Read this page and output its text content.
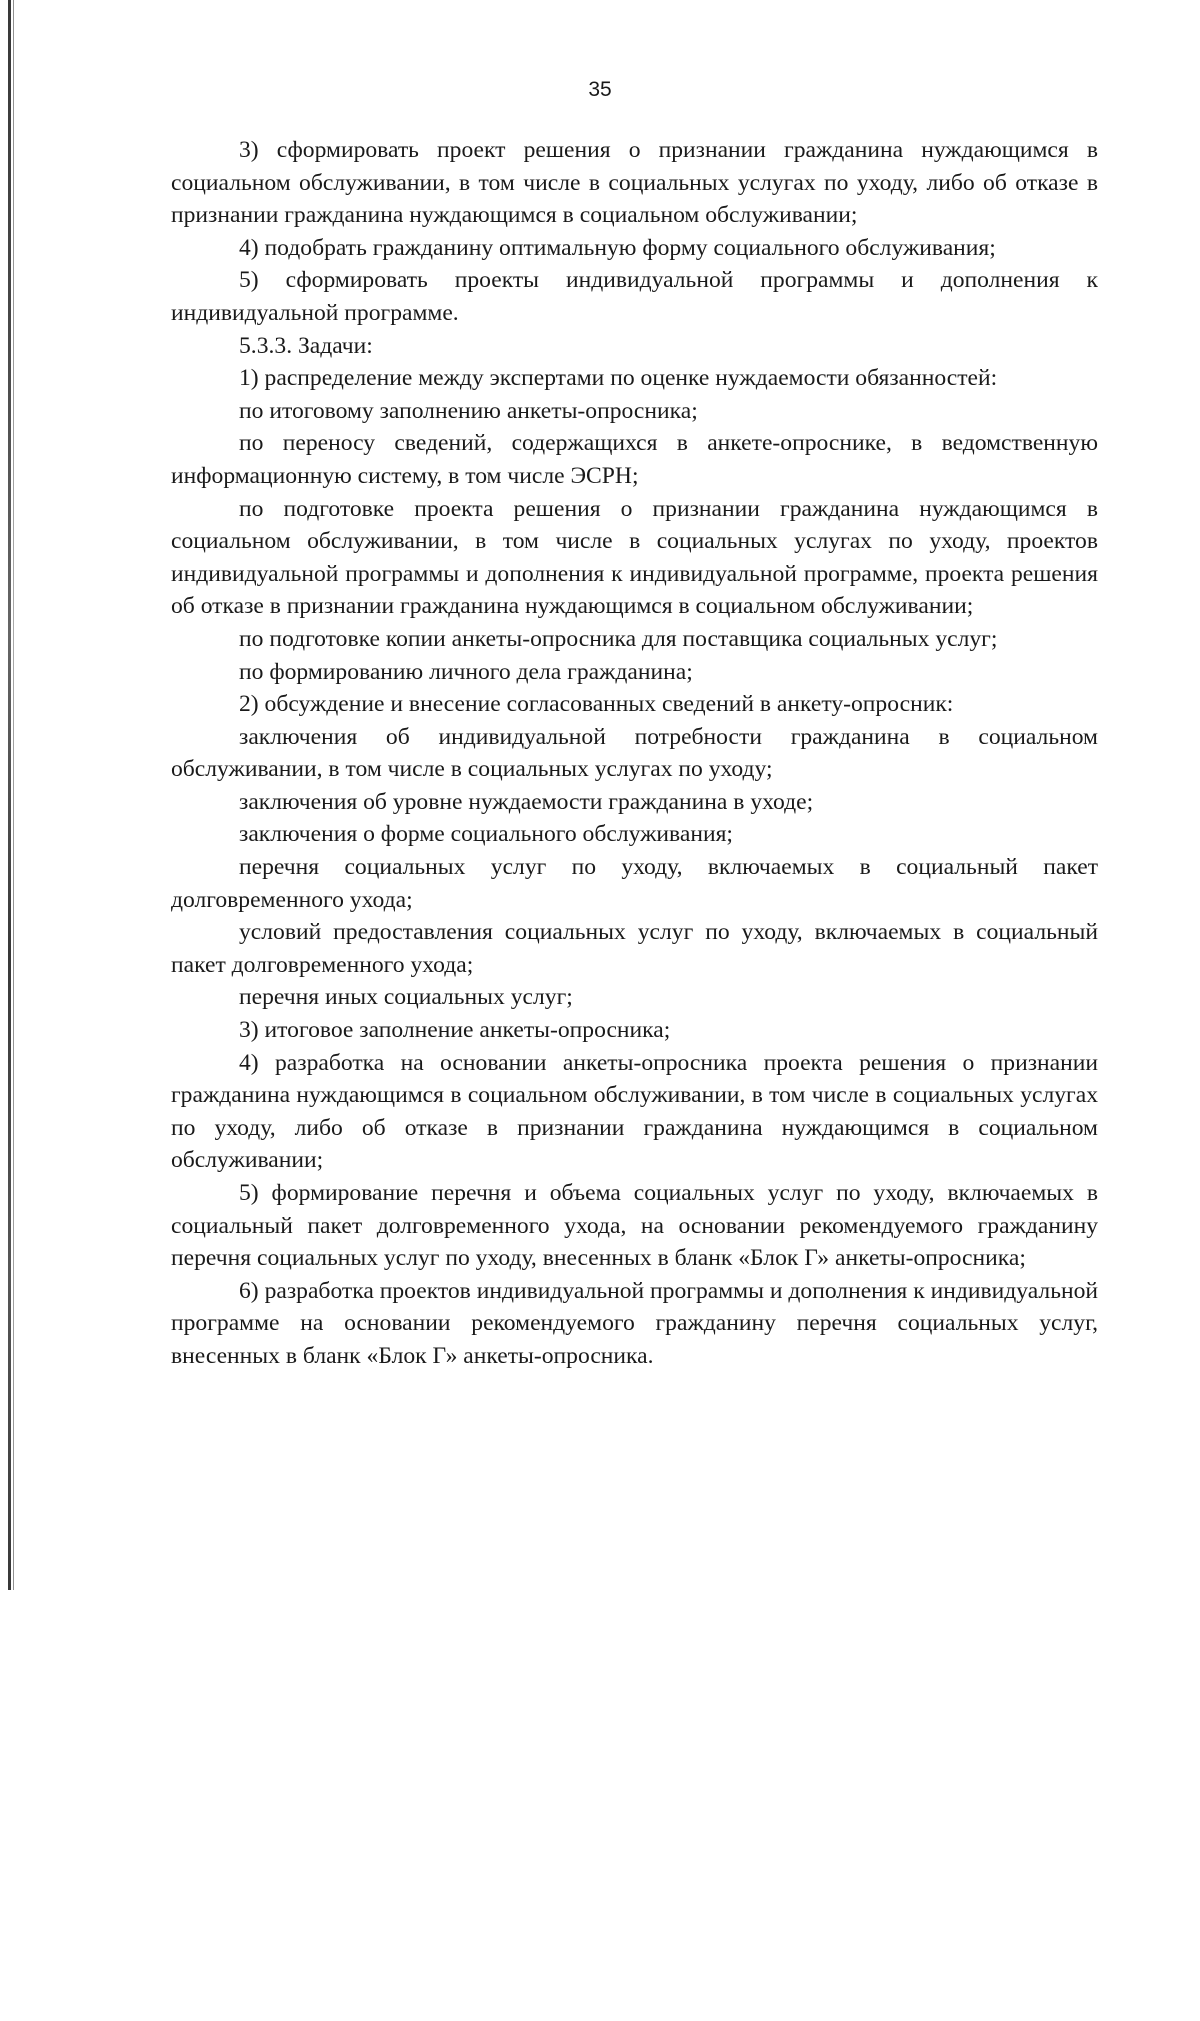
35

3) сформировать проект решения о признании гражданина нуждающимся в социальном обслуживании, в том числе в социальных услугах по уходу, либо об отказе в признании гражданина нуждающимся в социальном обслуживании;

4) подобрать гражданину оптимальную форму социального обслуживания;

5) сформировать проекты индивидуальной программы и дополнения к индивидуальной программе.

5.3.3. Задачи:

1) распределение между экспертами по оценке нуждаемости обязанностей:

по итоговому заполнению анкеты-опросника;

по переносу сведений, содержащихся в анкете-опроснике, в ведомственную информационную систему, в том числе ЭСРН;

по подготовке проекта решения о признании гражданина нуждающимся в социальном обслуживании, в том числе в социальных услугах по уходу, проектов индивидуальной программы и дополнения к индивидуальной программе, проекта решения об отказе в признании гражданина нуждающимся в социальном обслуживании;

по подготовке копии анкеты-опросника для поставщика социальных услуг;

по формированию личного дела гражданина;

2) обсуждение и внесение согласованных сведений в анкету-опросник:

заключения об индивидуальной потребности гражданина в социальном обслуживании, в том числе в социальных услугах по уходу;

заключения об уровне нуждаемости гражданина в уходе;

заключения о форме социального обслуживания;

перечня социальных услуг по уходу, включаемых в социальный пакет долговременного ухода;

условий предоставления социальных услуг по уходу, включаемых в социальный пакет долговременного ухода;

перечня иных социальных услуг;

3) итоговое заполнение анкеты-опросника;

4) разработка на основании анкеты-опросника проекта решения о признании гражданина нуждающимся в социальном обслуживании, в том числе в социальных услугах по уходу, либо об отказе в признании гражданина нуждающимся в социальном обслуживании;

5) формирование перечня и объема социальных услуг по уходу, включаемых в социальный пакет долговременного ухода, на основании рекомендуемого гражданину перечня социальных услуг по уходу, внесенных в бланк «Блок Г» анкеты-опросника;

6) разработка проектов индивидуальной программы и дополнения к индивидуальной программе на основании рекомендуемого гражданину перечня социальных услуг, внесенных в бланк «Блок Г» анкеты-опросника.
